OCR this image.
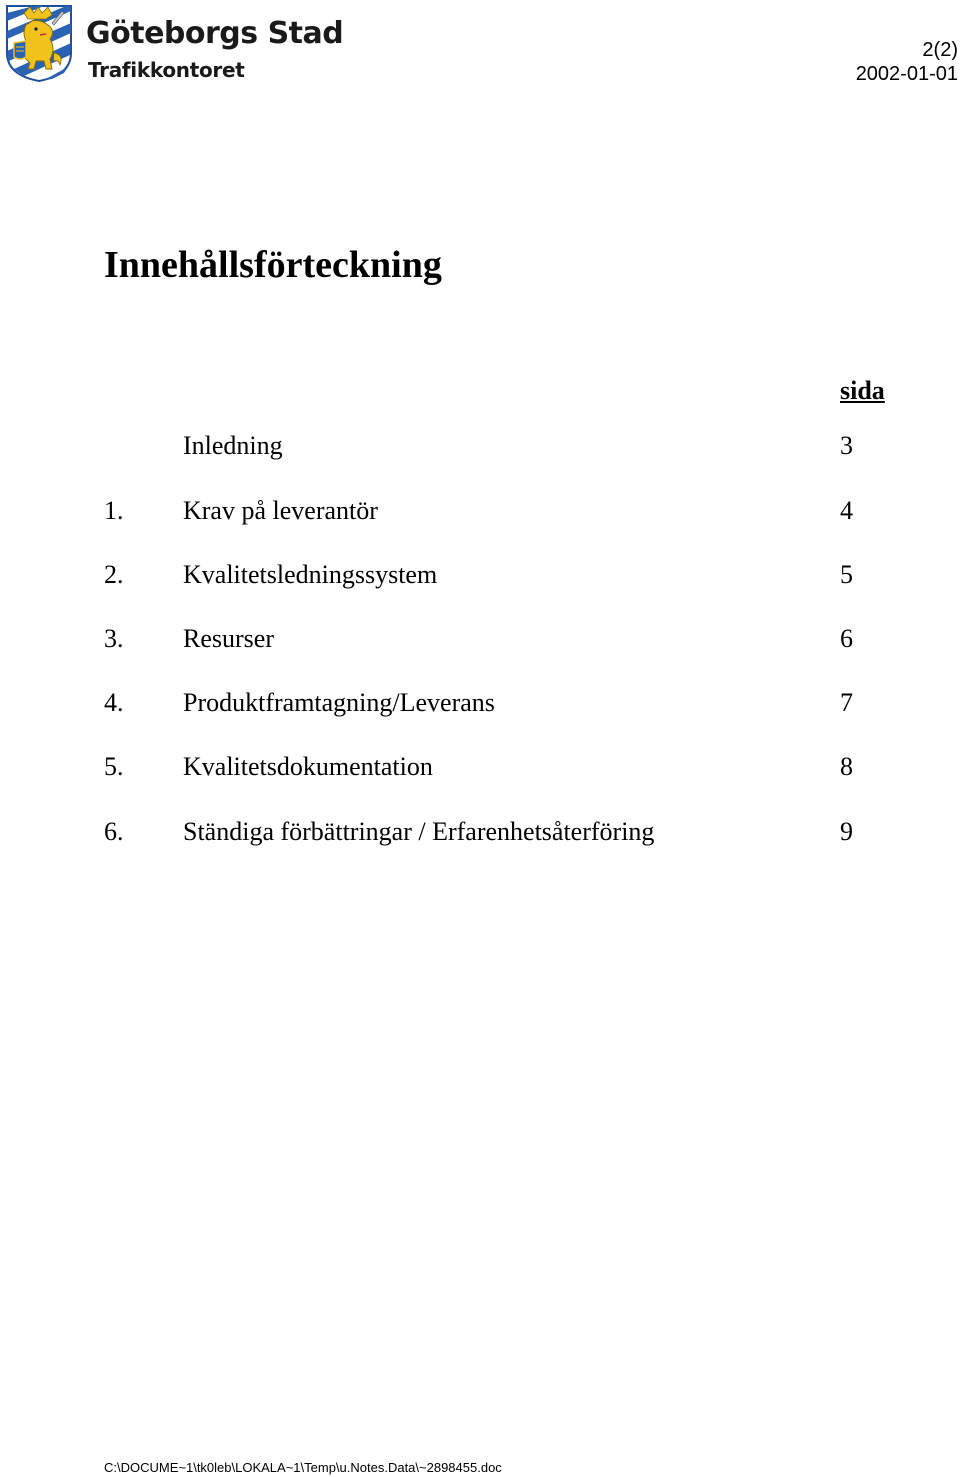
Göteborgs Stad
Trafikkontoret
2(2)
2002-01-01
Innehållsförteckning
sida
Inledning	3
1. Krav på leverantör	4
2. Kvalitetsledningssystem	5
3. Resurser	6
4. Produktframtagning/Leverans	7
5. Kvalitetsdokumentation	8
6. Ständiga förbättringar / Erfarenhetsåterföring	9
C:\DOCUME~1\tk0leb\LOKALA~1\Temp\u.Notes.Data\~2898455.doc
